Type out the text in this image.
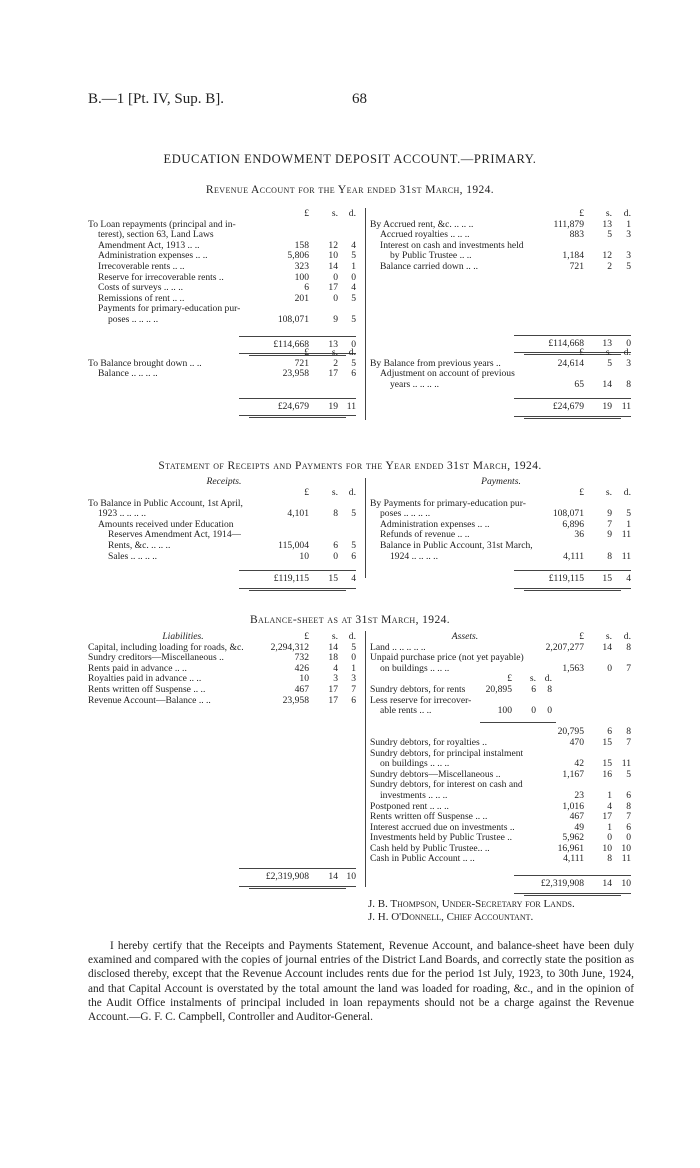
B.—1 [Pt. IV, Sup. B].	68
EDUCATION ENDOWMENT DEPOSIT ACCOUNT.—PRIMARY.
Revenue Account for the Year ended 31st March, 1924.
£	s.	d.
To Loan repayments (principal and in-
terest), section 63, Land Laws
Amendment Act, 1913 .. ..	158	12	4
Administration expenses .. ..	5,806	10	5
Irrecoverable rents .. ..	323	14	1
Reserve for irrecoverable rents ..	100	0	0
Costs of surveys .. .. ..	6	17	4
Remissions of rent .. ..	201	0	5
Payments for primary-education pur-
poses .. .. .. ..	108,071	9	5
£114,668	13	0
£	s.	d.
By Accrued rent, &c. .. .. ..	111,879	13	1
Accrued royalties .. .. ..	883	5	3
Interest on cash and investments held
by Public Trustee .. ..	1,184	12	3
Balance carried down .. ..	721	2	5
£114,668	13	0
£	s.	d.
To Balance brought down .. ..	721	2	5
Balance .. .. .. ..	23,958	17	6
£24,679	19 11
£	s.	d.
By Balance from previous years ..	24,614	5	3
Adjustment on account of previous
years .. .. .. ..	65	14	8
£24,679	19	11
Statement of Receipts and Payments for the Year ended 31st March, 1924.
Receipts.	Payments.
£	s.	d.
To Balance in Public Account, 1st April,
1923 .. .. .. ..	4,101	8	5
Amounts received under Education
Reserves Amendment Act, 1914—
Rents, &c. .. .. ..	115,004	6	5
Sales .. .. .. ..	10	0	6
£119,115	15	4
£	s.	d.
By Payments for primary-education pur-
poses .. .. .. ..	108,071	9	5
Administration expenses .. ..	6,896	7	1
Refunds of revenue .. ..	36	9	11
Balance in Public Account, 31st March,
1924 .. .. .. ..	4,111	8	11
£119,115	15	4
Balance-sheet as at 31st March, 1924.
Liabilities.	Assets.
£	s.	d.
Capital, including loading for roads, &c.	2,294,312	14	5
Sundry creditors—Miscellaneous ..	732	18	0
Rents paid in advance .. ..	426	4	1
Royalties paid in advance .. ..	10	3	3
Rents written off Suspense .. ..	467	17	7
Revenue Account—Balance .. ..	23,958	17	6
£2,319,908	14 10
£	s.	d.
Land .. .. .. .. ..	2,207,277	14	8
Unpaid purchase price (not yet payable)
on buildings .. .. ..	1,563	0	7
£	s. d.
Sundry debtors, for rents	20,895	6	8
Less reserve for irrecover-
able rents .. ..	100	0	0
20,795	6	8
Sundry debtors, for royalties ..	470	15	7
Sundry debtors, for principal instalment
on buildings .. .. ..	42	15	11
Sundry debtors—Miscellaneous ..	1,167	16	5
Sundry debtors, for interest on cash and
investments .. .. ..	23	1	6
Postponed rent .. .. ..	1,016	4	8
Rents written off Suspense .. ..	467	17	7
Interest accrued due on investments ..	49	1	6
Investments held by Public Trustee ..	5,962	0	0
Cash held by Public Trustee.. ..	16,961	10 10
Cash in Public Account .. ..	4,111	8	11
£2,319,908	14 10
J. B. Thompson, Under-Secretary for Lands.
J. H. O'Donnell, Chief Accountant.
I hereby certify that the Receipts and Payments Statement, Revenue Account, and balance-sheet have been duly examined and compared with the copies of journal entries of the District Land Boards, and correctly state the position as disclosed thereby, except that the Revenue Account includes rents due for the period 1st July, 1923, to 30th June, 1924, and that Capital Account is overstated by the total amount the land was loaded for roading, &c., and in the opinion of the Audit Office instalments of principal included in loan repayments should not be a charge against the Revenue Account.—G. F. C. Campbell, Controller and Auditor-General.
